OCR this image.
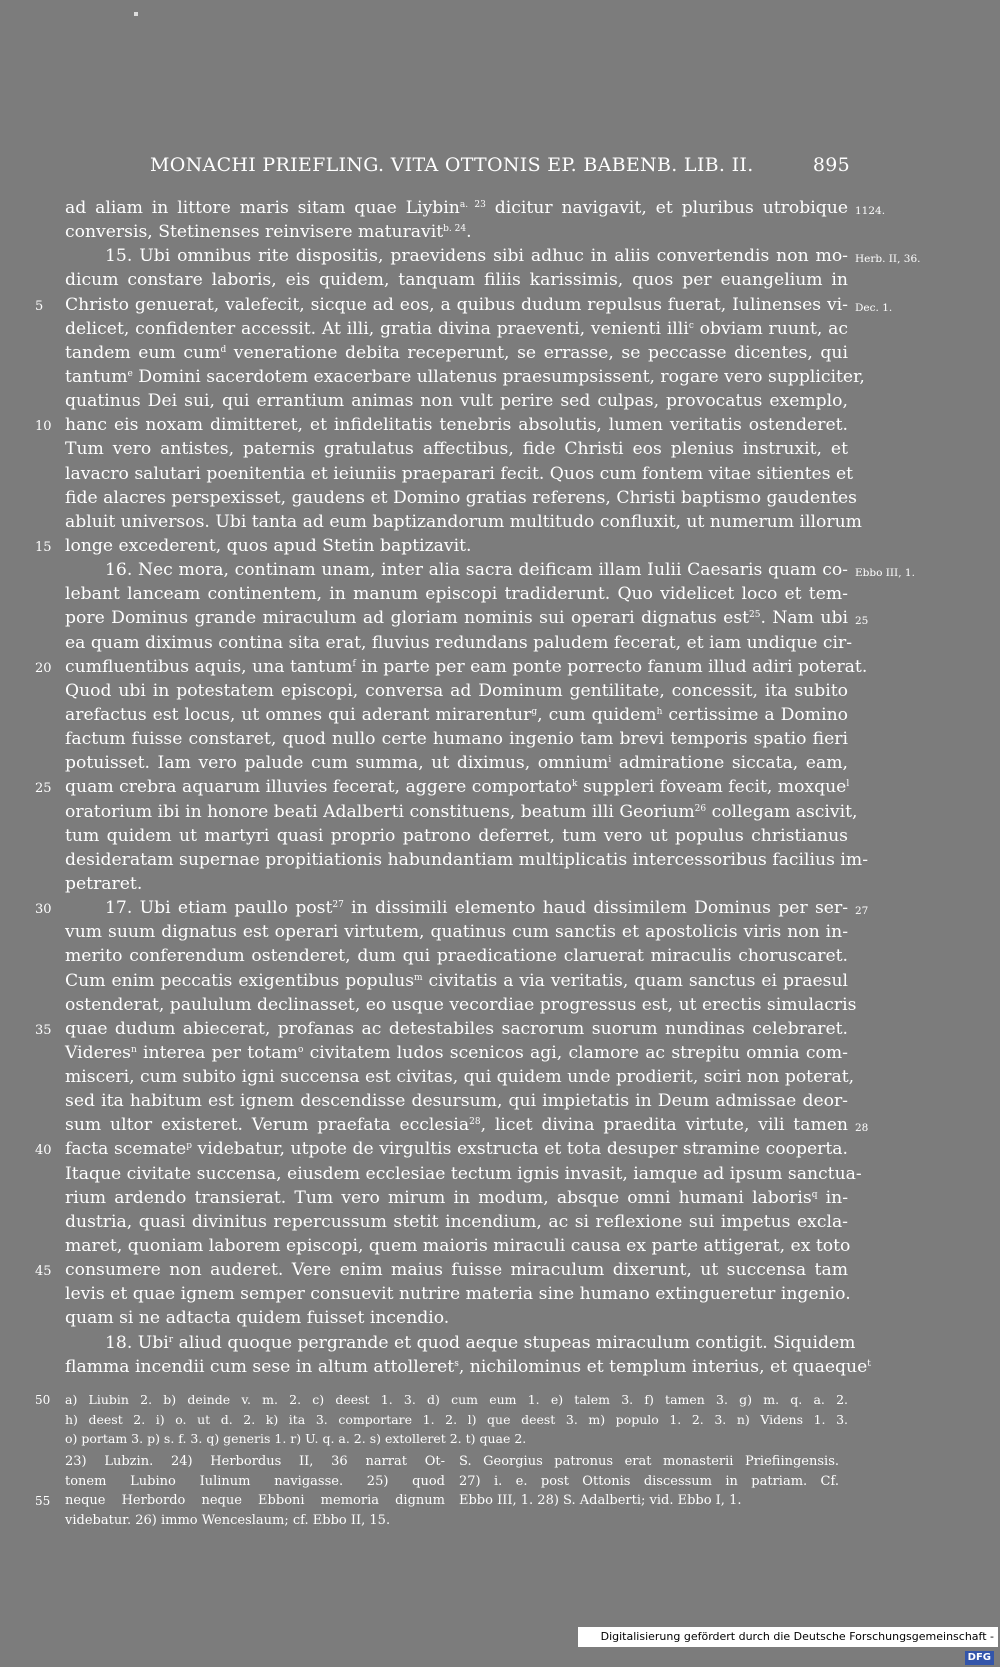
MONACHI PRIEFLING. VITA OTTONIS EP. BABENB. LIB. II.	895
ad aliam in littore maris sitam quae Liybin$^{a. 23}$ dicitur navigavit, et pluribus utrobique 1124.
conversis, Stetinenses reinvisere maturavit$^{b. 24}$.
15. Ubi omnibus rite dispositis, praevidens sibi adhuc in aliis convertendis non mo- Herb. II, 36.
dicum constare laboris, eis quidem, tanquam filiis karissimis, quos per euangelium in
5	Christo genuerat, valefecit, sicque ad eos, a quibus dudum repulsus fuerat, Iulinenses vi- Dec. 1.
delicet, confidenter accessit. At illi, gratia divina praeventi, venienti illi$^c$ obviam ruunt, ac
tandem eum cum$^d$ veneratione debita receperunt, se errasse, se peccasse dicentes, qui
tantum$^e$ Domini sacerdotem exacerbare ullatenus praesumpsissent, rogare vero suppliciter,
quatinus Dei sui, qui errantium animas non vult perire sed culpas, provocatus exemplo,
10 hanc eis noxam dimitteret, et infidelitatis tenebris absolutis, lumen veritatis ostenderet.
Tum vero antistes, paternis gratulatus affectibus, fide Christi eos plenius instruxit, et
lavacro salutari poenitentia et ieiuniis praeparari fecit. Quos cum fontem vitae sitientes et
fide alacres perspexisset, gaudens et Domino gratias referens, Christi baptismo gaudentes
abluit universos. Ubi tanta ad eum baptizandorum multitudo confluxit, ut numerum illorum
15 longe excederent, quos apud Stetin baptizavit.
16. Nec mora, continam unam, inter alia sacra deificam illam Iulii Caesaris quam co- Ebbo III, 1.
lebant lanceam continentem, in manum episcopi tradiderunt. Quo videlicet loco et tem-
pore Dominus grande miraculum ad gloriam nominis sui operari dignatus est$^{25}$. Nam ubi 25
ea quam diximus contina sita erat, fluvius redundans paludem fecerat, et iam undique cir-
20 cumfluentibus aquis, una tantum$^f$ in parte per eam ponte porrecto fanum illud adiri poterat.
Quod ubi in potestatem episcopi, conversa ad Dominum gentilitate, concessit, ita subito
arefactus est locus, ut omnes qui aderant mirarentur$^g$, cum quidem$^h$ certissime a Domino
factum fuisse constaret, quod nullo certe humano ingenio tam brevi temporis spatio fieri
potuisset. Iam vero palude cum summa, ut diximus, omnium$^i$ admiratione siccata, eam,
25 quam crebra aquarum illuvies fecerat, aggere comportato$^k$ suppleri foveam fecit, moxque$^l$
oratorium ibi in honore beati Adalberti constituens, beatum illi Georium$^{26}$ collegam ascivit,
tum quidem ut martyri quasi proprio patrono deferret, tum vero ut populus christianus
desideratam supernae propitiationis habundantiam multiplicatis intercessoribus facilius im-
petraret.
30	17. Ubi etiam paullo post$^{27}$ in dissimili elemento haud dissimilem Dominus per ser- 27
vum suum dignatus est operari virtutem, quatinus cum sanctis et apostolicis viris non in-
merito conferendum ostenderet, dum qui praedicatione claruerat miraculis choruscaret.
Cum enim peccatis exigentibus populus$^m$ civitatis a via veritatis, quam sanctus ei praesul
ostenderat, paululum declinasset, eo usque vecordiae progressus est, ut erectis simulacris
35 quae dudum abiecerat, profanas ac detestabiles sacrorum suorum nundinas celebraret.
Videres$^n$ interea per totam$^o$ civitatem ludos scenicos agi, clamore ac strepitu omnia com-
misceri, cum subito igni succensa est civitas, qui quidem unde prodierit, sciri non poterat,
sed ita habitum est ignem descendisse desursum, qui impietatis in Deum admissae deor-
sum ultor existeret. Verum praefata ecclesia$^{28}$, licet divina praedita virtute, vili tamen 28
40 facta scemate$^p$ videbatur, utpote de virgultis exstructa et tota desuper stramine cooperta.
Itaque civitate succensa, eiusdem ecclesiae tectum ignis invasit, iamque ad ipsum sanctua-
rium ardendo transierat. Tum vero mirum in modum, absque omni humani laboris$^q$ in-
dustria, quasi divinitus repercussum stetit incendium, ac si reflexione sui impetus excla-
maret, quoniam laborem episcopi, quem maioris miraculi causa ex parte attigerat, ex toto
45 consumere non auderet. Vere enim maius fuisse miraculum dixerunt, ut succensa tam
levis et quae ignem semper consuevit nutrire materia sine humano extingueretur ingenio.
quam si ne adtacta quidem fuisset incendio.
18. Ubi$^r$ aliud quoque pergrande et quod aeque stupeas miraculum contigit. Siquidem
flamma incendii cum sese in altum attolleret$^s$, nichilominus et templum interius, et quaeque$^t$
50	a) Liubin 2. b) deinde v. m. 2. c) deest 1. 3. d) cum eum 1. e) talem 3. f) tamen 3. g) m. q. a. 2.
h) deest 2. i) o. ut d. 2. k) ita 3. comportare 1. 2. l) que deest 3. m) populo 1. 2. 3. n) Videns 1. 3.
o) portam 3. p) s. f. 3. q) generis 1. r) U. q. a. 2. s) extolleret 2. t) quae 2.
23) Lubzin. 24) Herbordus II, 36 narrat Ot-
tonem Lubino Iulinum navigasse. 25) quod
55	neque Herbordo neque Ebboni memoria dignum
videbatur. 26) immo Wenceslaum; cf. Ebbo II, 15.
S. Georgius patronus erat monasterii Priefiingensis.
27) i. e. post Ottonis discessum in patriam. Cf.
Ebbo III, 1. 28) S. Adalberti; vid. Ebbo I, 1.
Digitalisierung gefördert durch die Deutsche Forschungsgemeinschaft -DFG
